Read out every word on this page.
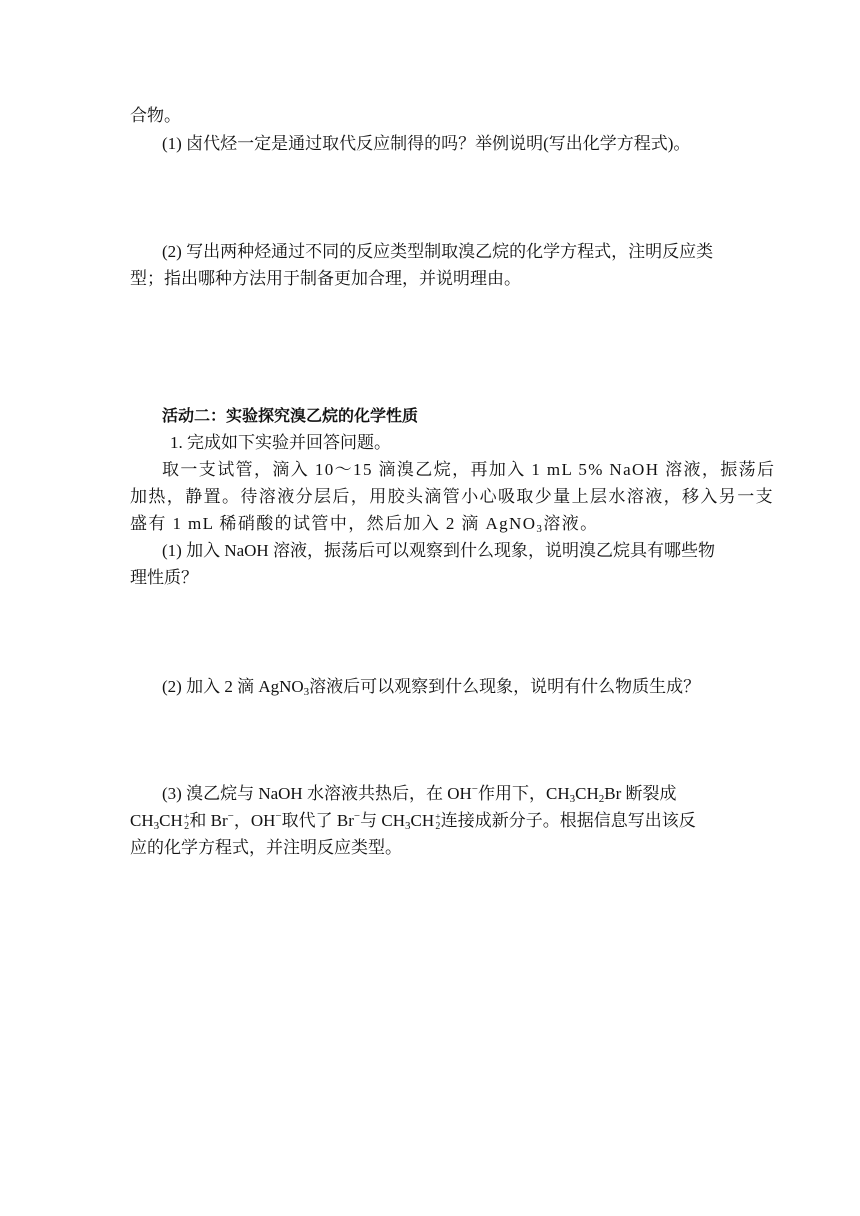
合物。
(1) 卤代烃一定是通过取代反应制得的吗？举例说明(写出化学方程式)。
(2) 写出两种烃通过不同的反应类型制取溴乙烷的化学方程式，注明反应类
型；指出哪种方法用于制备更加合理，并说明理由。
活动二：实验探究溴乙烷的化学性质
1. 完成如下实验并回答问题。
取一支试管，滴入 10～15 滴溴乙烷，再加入 1 mL 5% NaOH 溶液，振荡后
加热，静置。待溶液分层后，用胶头滴管小心吸取少量上层水溶液，移入另一支
盛有 1 mL 稀硝酸的试管中，然后加入 2 滴 AgNO$_3$溶液。
(1) 加入 NaOH 溶液，振荡后可以观察到什么现象，说明溴乙烷具有哪些物
理性质？
(2) 加入 2 滴 AgNO$_3$溶液后可以观察到什么现象，说明有什么物质生成？
(3) 溴乙烷与 NaOH 水溶液共热后，在 OH−作用下，$CH_3CH_2Br$ 断裂成
$CH_3CH$ +
2 和 Br−，OH−取代了 Br−与 $CH_3CH$ +
2 连接成新分子。根据信息写出该反
应的化学方程式，并注明反应类型。
